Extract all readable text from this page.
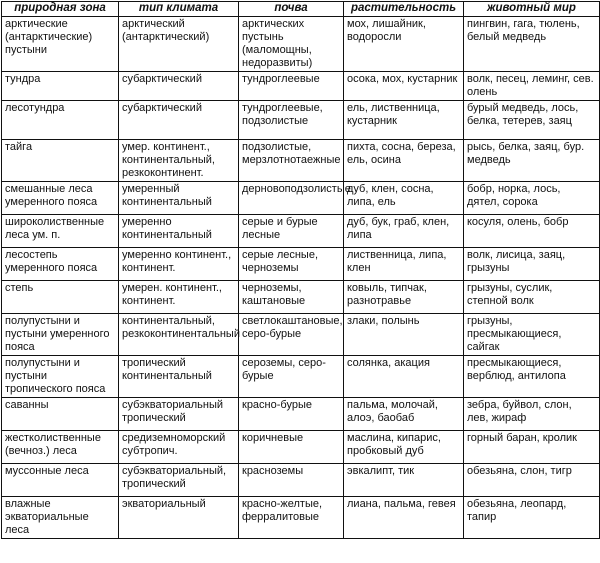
природная зона	тип климата	почва	растительность	животный мир
арктические (антарктические) пустыни	арктический (антарктический)	арктических пустынь (маломощны, недоразвиты)	мох, лишайник, водоросли	пингвин, гага, тюлень, белый медведь
тундра	субарктический	тундроглеевые	осока, мох, кустарник	волк, песец, леминг, сев. олень
лесотундра	субарктический	тундроглеевые, подзолистые	ель, лиственница, кустарник	бурый медведь, лось, белка, тетерев, заяц
тайга	умер. континент., континентальный, резкоконтинент.	подзолистые, мерзлотнотаежные	пихта, сосна, береза, ель, осина	рысь, белка, заяц, бур. медведь
смешанные леса умеренного пояса	умеренный континентальный	дерновоподзолистые	дуб, клен, сосна, липа, ель	бобр, норка, лось, дятел, сорока
широколиственные леса ум. п.	умеренно континентальный	серые и бурые лесные	дуб, бук, граб, клен, липа	косуля, олень, бобр
лесостепь умеренного пояса	умеренно континент., континент.	серые лесные, черноземы	лиственница, липа, клен	волк, лисица, заяц, грызуны
степь	умерен. континент., континент.	черноземы, каштановые	ковыль, типчак, разнотравье	грызуны, суслик, степной волк
полупустыни и пустыни умеренного пояса	континентальный, резкоконтинентальный	светлокаштановые, серо-бурые	злаки, полынь	грызуны, пресмыкающиеся, сайгак
полупустыни и пустыни тропического пояса	тропический континентальный	сероземы, серо-бурые	солянка, акация	пресмыкающиеся, верблюд, антилопа
саванны	субэкваториальный тропический	красно-бурые	пальма, молочай, алоэ, баобаб	зебра, буйвол, слон, лев, жираф
жестколиственные (вечноз.) леса	средиземноморский субтропич.	коричневые	маслина, кипарис, пробковый дуб	горный баран, кролик
муссонные леса	субэкваториальный, тропический	красноземы	эвкалипт, тик	обезьяна, слон, тигр
влажные экваториальные леса	экваториальный	красно-желтые, ферралитовые	лиана, пальма, гевея	обезьяна, леопард, тапир
